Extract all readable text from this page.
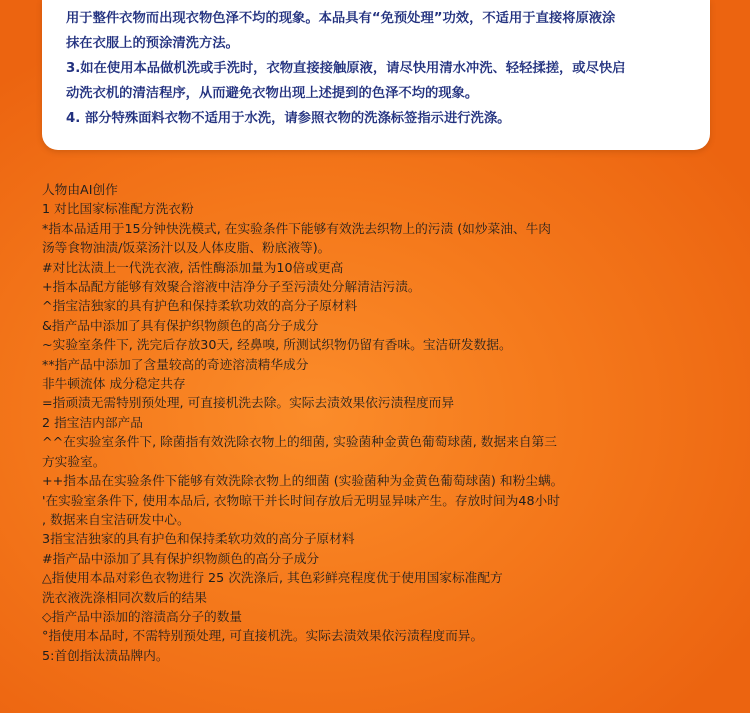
用于整件衣物而出现衣物色泽不均的现象。本品具有“免预处理”功效，不适用于直接将原液涂

抹在衣服上的预涂清洗方法。

3.如在使用本品做机洗或手洗时，衣物直接接触原液，请尽快用清水冲洗、轻轻揉搓，或尽快启

动洗衣机的清洁程序，从而避免衣物出现上述提到的色泽不均的现象。

4. 部分特殊面料衣物不适用于水洗，请参照衣物的洗涤标签指示进行洗涤。

人物由AI创作
1 对比国家标准配方洗衣粉
*指本品适用于15分钟快洗模式, 在实验条件下能够有效洗去织物上的污渍 (如炒菜油、牛肉
汤等食物油渍/饭菜汤汁以及人体皮脂、粉底液等)。
#对比汰渍上一代洗衣液, 活性酶添加量为10倍或更高
+指本品配方能够有效聚合溶液中洁净分子至污渍处分解清洁污渍。
^指宝洁独家的具有护色和保持柔软功效的高分子原材料
&指产品中添加了具有保护织物颜色的高分子成分
~实验室条件下, 洗完后存放30天, 经鼻嗅, 所测试织物仍留有香味。宝洁研发数据。
**指产品中添加了含量较高的奇迹溶渍精华成分
非牛顿流体 成分稳定共存
=指顽渍无需特别预处理, 可直接机洗去除。实际去渍效果依污渍程度而异
2 指宝洁内部产品
^^在实验室条件下, 除菌指有效洗除衣物上的细菌, 实验菌种金黄色葡萄球菌, 数据来自第三
方实验室。
++指本品在实验条件下能够有效洗除衣物上的细菌 (实验菌种为金黄色葡萄球菌) 和粉尘螨。
'在实验室条件下, 使用本品后, 衣物晾干并长时间存放后无明显异味产生。存放时间为48小时
, 数据来自宝洁研发中心。
3指宝洁独家的具有护色和保持柔软功效的高分子原材料
#指产品中添加了具有保护织物颜色的高分子成分
△指使用本品对彩色衣物进行 25 次洗涤后, 其色彩鲜亮程度优于使用国家标准配方
洗衣液洗涤相同次数后的结果
◇指产品中添加的溶渍高分子的数量
°指使用本品时, 不需特别预处理, 可直接机洗。实际去渍效果依污渍程度而异。
5:首创指汰渍品牌内。
